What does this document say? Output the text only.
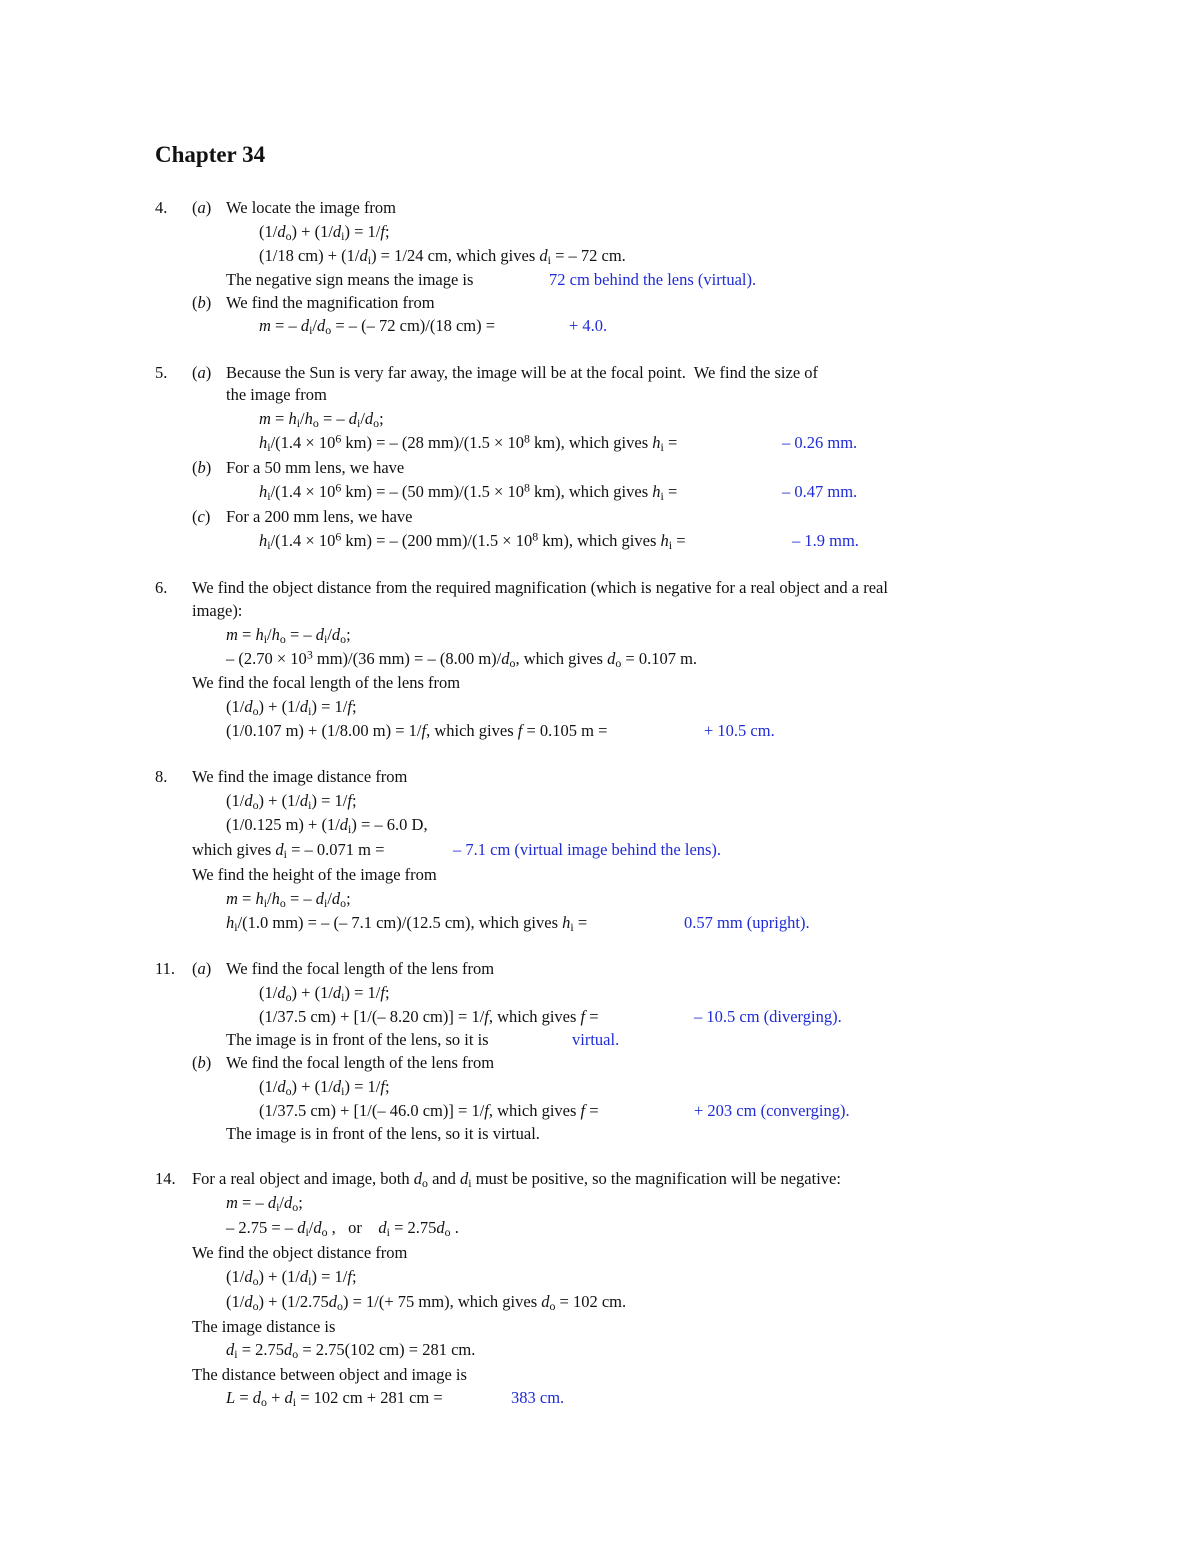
Chapter 34
4. (a) We locate the image from
$(1/d_o) + (1/d_i) = 1/f$;
(1/18 $cm) + (1/d_i) = 1/24$ cm, which gives $d_i$ = – 72 cm.
The negative sign means the image is	72 cm behind the lens (virtual).
(b) We find the magnification from
m = – $d_i/d_o$ = – (– 72 cm)/(18 cm) =	+ 4.0.
5. (a) Because the Sun is very far away, the image will be at the focal point.  We find the size of
the image from
$m = h_i/h_o$ = – $d_i/d_o$;
$h_i/(1.4 \times 10^6$ km) = – (28 $mm)/(1.5 \times 10^8$ km), which gives $h_i$ =	– 0.26 mm.
(b) For a 50 mm lens, we have
$h_i/(1.4 \times 10^6$ km) = – (50 $mm)/(1.5 \times 10^8$ km), which gives $h_i$ =	– 0.47 mm.
(c) For a 200 mm lens, we have
$h_i/(1.4 \times 10^6$ km) = – (200 $mm)/(1.5 \times 10^8$ km), which gives $h_i$ =	– 1.9 mm.
6. We find the object distance from the required magnification (which is negative for a real object and a real
image):
$m = h_i/h_o$ = – $d_i/d_o$;
– ($2.70 \times 10^3$ mm)/(36 mm) = – (8.00 $m)/d_o$, which gives $d_o = 0.107$ m.
We find the focal length of the lens from
$(1/d_o) + (1/d_i) = 1/f$;
(1/0.107 m) + (1/8.00 m) = 1/f, which gives f = 0.105 m =	+ 10.5 cm.
8. We find the image distance from
$(1/d_o) + (1/d_i) = 1/f$;
(1/0.125 $m) + (1/d_i)$ = – 6.0 D,
which gives $d_i$ = – 0.071 m =	– 7.1 cm (virtual image behind the lens).
We find the height of the image from
$m = h_i/h_o$ = – $d_i/d_o$;
$h_i/(1.0$ mm) = – (– 7.1 cm)/(12.5 cm), which gives $h_i$ =	0.57 mm (upright).
11. (a) We find the focal length of the lens from
$(1/d_o) + (1/d_i) = 1/f$;
(1/37.5 cm) + [1/(– 8.20 cm)] = 1/f, which gives f =	– 10.5 cm (diverging).
The image is in front of the lens, so it is	virtual.
(b) We find the focal length of the lens from
$(1/d_o) + (1/d_i) = 1/f$;
(1/37.5 cm) + [1/(– 46.0 cm)] = 1/f, which gives f =	+ 203 cm (converging).
The image is in front of the lens, so it is virtual.
14. For a real object and image, both $d_o$ and $d_i$ must be positive, so the magnification will be negative:
m = – $d_i/d_o$;
– 2.75 = – $d_i/d_o$ ,   or    $d_i = 2.75d_o$ .
We find the object distance from
$(1/d_o) + (1/d_i) = 1/f$;
$(1/d_o) + (1/2.75d_o) = 1/(+ 75$ mm), which gives $d_o = 102$ cm.
The image distance is
$d_i = 2.75d_o = 2.75(102$ cm) = 281 cm.
The distance between object and image is
$L = d_o + d_i = 102$ cm + 281 cm =	383 cm.
